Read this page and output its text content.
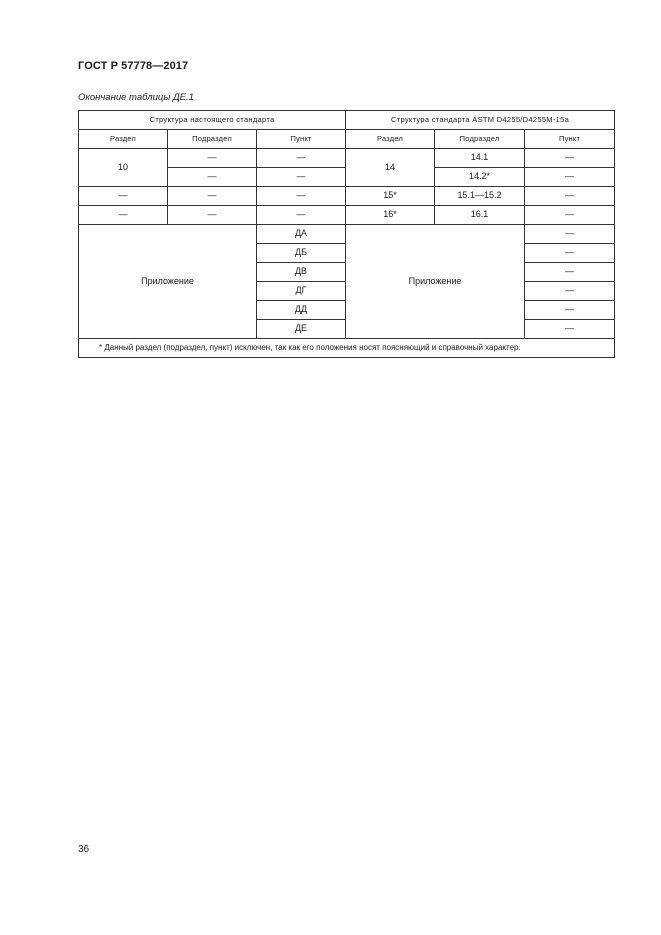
ГОСТ Р 57778—2017
Окончание таблицы ДЕ.1
Структура настоящего стандарта			Структура стандарта ASTM D4255/D4255M-15a		
Раздел	Подраздел	Пункт	Раздел	Подраздел	Пункт
10	—	—	14	14.1	—
	—	—		14.2*	—
—	—	—	15*	15.1—15.2	—
—	—	—	16*	16.1	—
Приложение		ДА	Приложение		—
		ДБ			—
		ДВ			—
		ДГ			—
		ДД			—
		ДЕ			—
* Данный раздел (подраздел, пункт) исключен, так как его положения носят поясняющий и справочный характер.					
36
